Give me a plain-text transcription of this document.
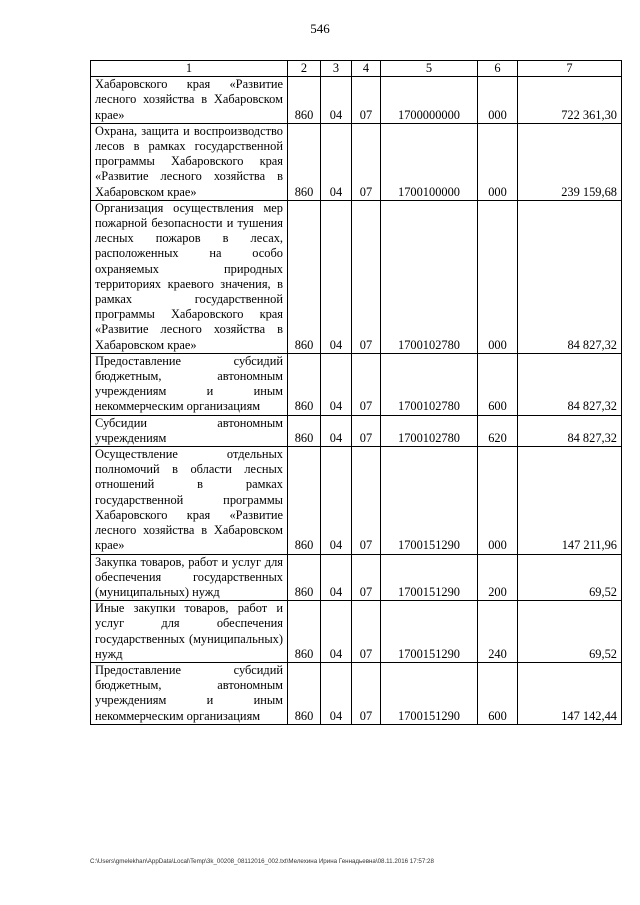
546
1	2	3	4	5	6	7
Хабаровского края «Развитие лесного хозяйства в Хабаровском крае»	860	04	07	1700000000	000	722 361,30
Охрана, защита и воспроизводство лесов в рамках государственной программы Хабаровского края «Развитие лесного хозяйства в Хабаровском крае»	860	04	07	1700100000	000	239 159,68
Организация осуществления мер пожарной безопасности и тушения лесных пожаров в лесах, расположенных на особо охраняемых природных территориях краевого значения, в рамках государственной программы Хабаровского края «Развитие лесного хозяйства в Хабаровском крае»	860	04	07	1700102780	000	84 827,32
Предоставление субсидий бюджетным, автономным учреждениям и иным некоммерческим организациям	860	04	07	1700102780	600	84 827,32
Субсидии автономным учреждениям	860	04	07	1700102780	620	84 827,32
Осуществление отдельных полномочий в области лесных отношений в рамках государственной программы Хабаровского края «Развитие лесного хозяйства в Хабаровском крае»	860	04	07	1700151290	000	147 211,96
Закупка товаров, работ и услуг для обеспечения государственных (муниципальных) нужд	860	04	07	1700151290	200	69,52
Иные закупки товаров, работ и услуг для обеспечения государственных (муниципальных) нужд	860	04	07	1700151290	240	69,52
Предоставление субсидий бюджетным, автономным учреждениям и иным некоммерческим организациям	860	04	07	1700151290	600	147 142,44
C:\Users\gmelekhan\AppData\Local\Temp\3k_00208_08112016_002.txt\Мелехина Ирина Геннадьевна\08.11.2016 17:57:28
